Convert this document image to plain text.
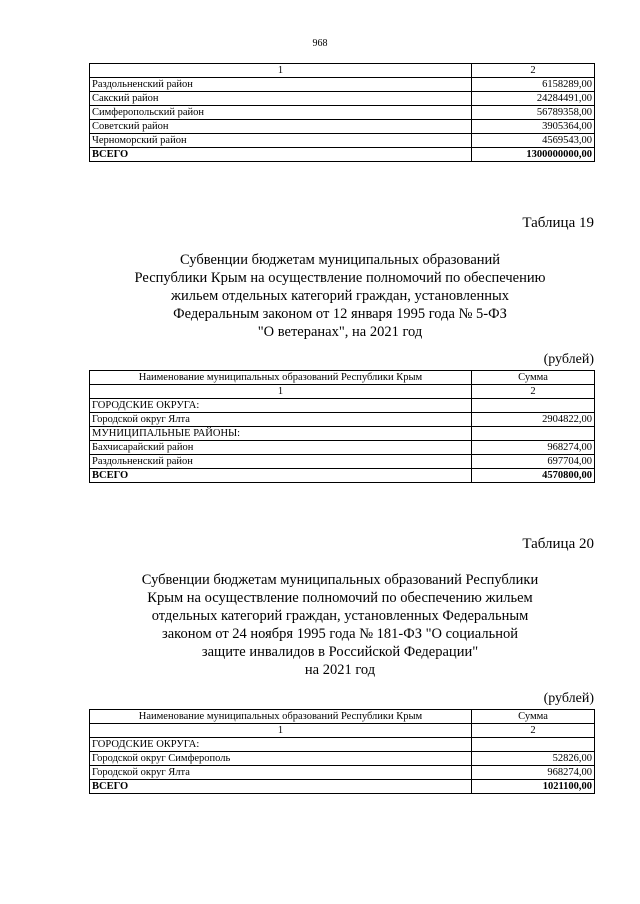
968
1	2
Раздольненский район	6158289,00
Сакский район	24284491,00
Симферопольский район	56789358,00
Советский район	3905364,00
Черноморский район	4569543,00
ВСЕГО	1300000000,00
Таблица 19
Субвенции бюджетам муниципальных образований
Республики Крым на осуществление полномочий по обеспечению
жильем отдельных категорий граждан, установленных
Федеральным законом от 12 января 1995 года № 5-ФЗ
"О ветеранах", на 2021 год
(рублей)
Наименование муниципальных образований Республики Крым	Сумма
1	2
ГОРОДСКИЕ ОКРУГА:	
Городской округ Ялта	2904822,00
МУНИЦИПАЛЬНЫЕ РАЙОНЫ:	
Бахчисарайский район	968274,00
Раздольненский район	697704,00
ВСЕГО	4570800,00
Таблица 20
Субвенции бюджетам муниципальных образований Республики
Крым на осуществление полномочий по обеспечению жильем
отдельных категорий граждан, установленных Федеральным
законом от 24 ноября 1995 года № 181-ФЗ "О социальной
защите инвалидов в Российской Федерации"
на 2021 год
(рублей)
Наименование муниципальных образований Республики Крым	Сумма
1	2
ГОРОДСКИЕ ОКРУГА:	
Городской округ Симферополь	52826,00
Городской округ Ялта	968274,00
ВСЕГО	1021100,00
